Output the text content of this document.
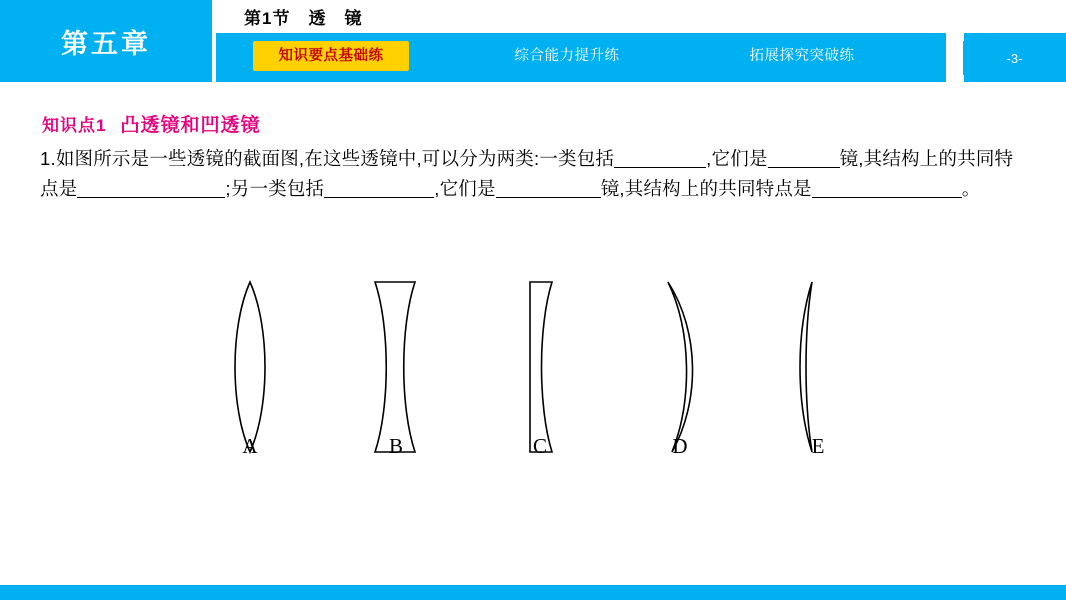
第五章
第1节　透　镜
知识要点基础练	综合能力提升练	拓展探究突破练	-3-
知识点1 凸透镜和凹透镜
1.如图所示是一些透镜的截面图,在这些透镜中,可以分为两类:一类包括	,它们是	镜,其结构上的共同特点是	;另一类包括	,它们是	镜,其结构上的共同特点是	。
A	B	C	D	E
